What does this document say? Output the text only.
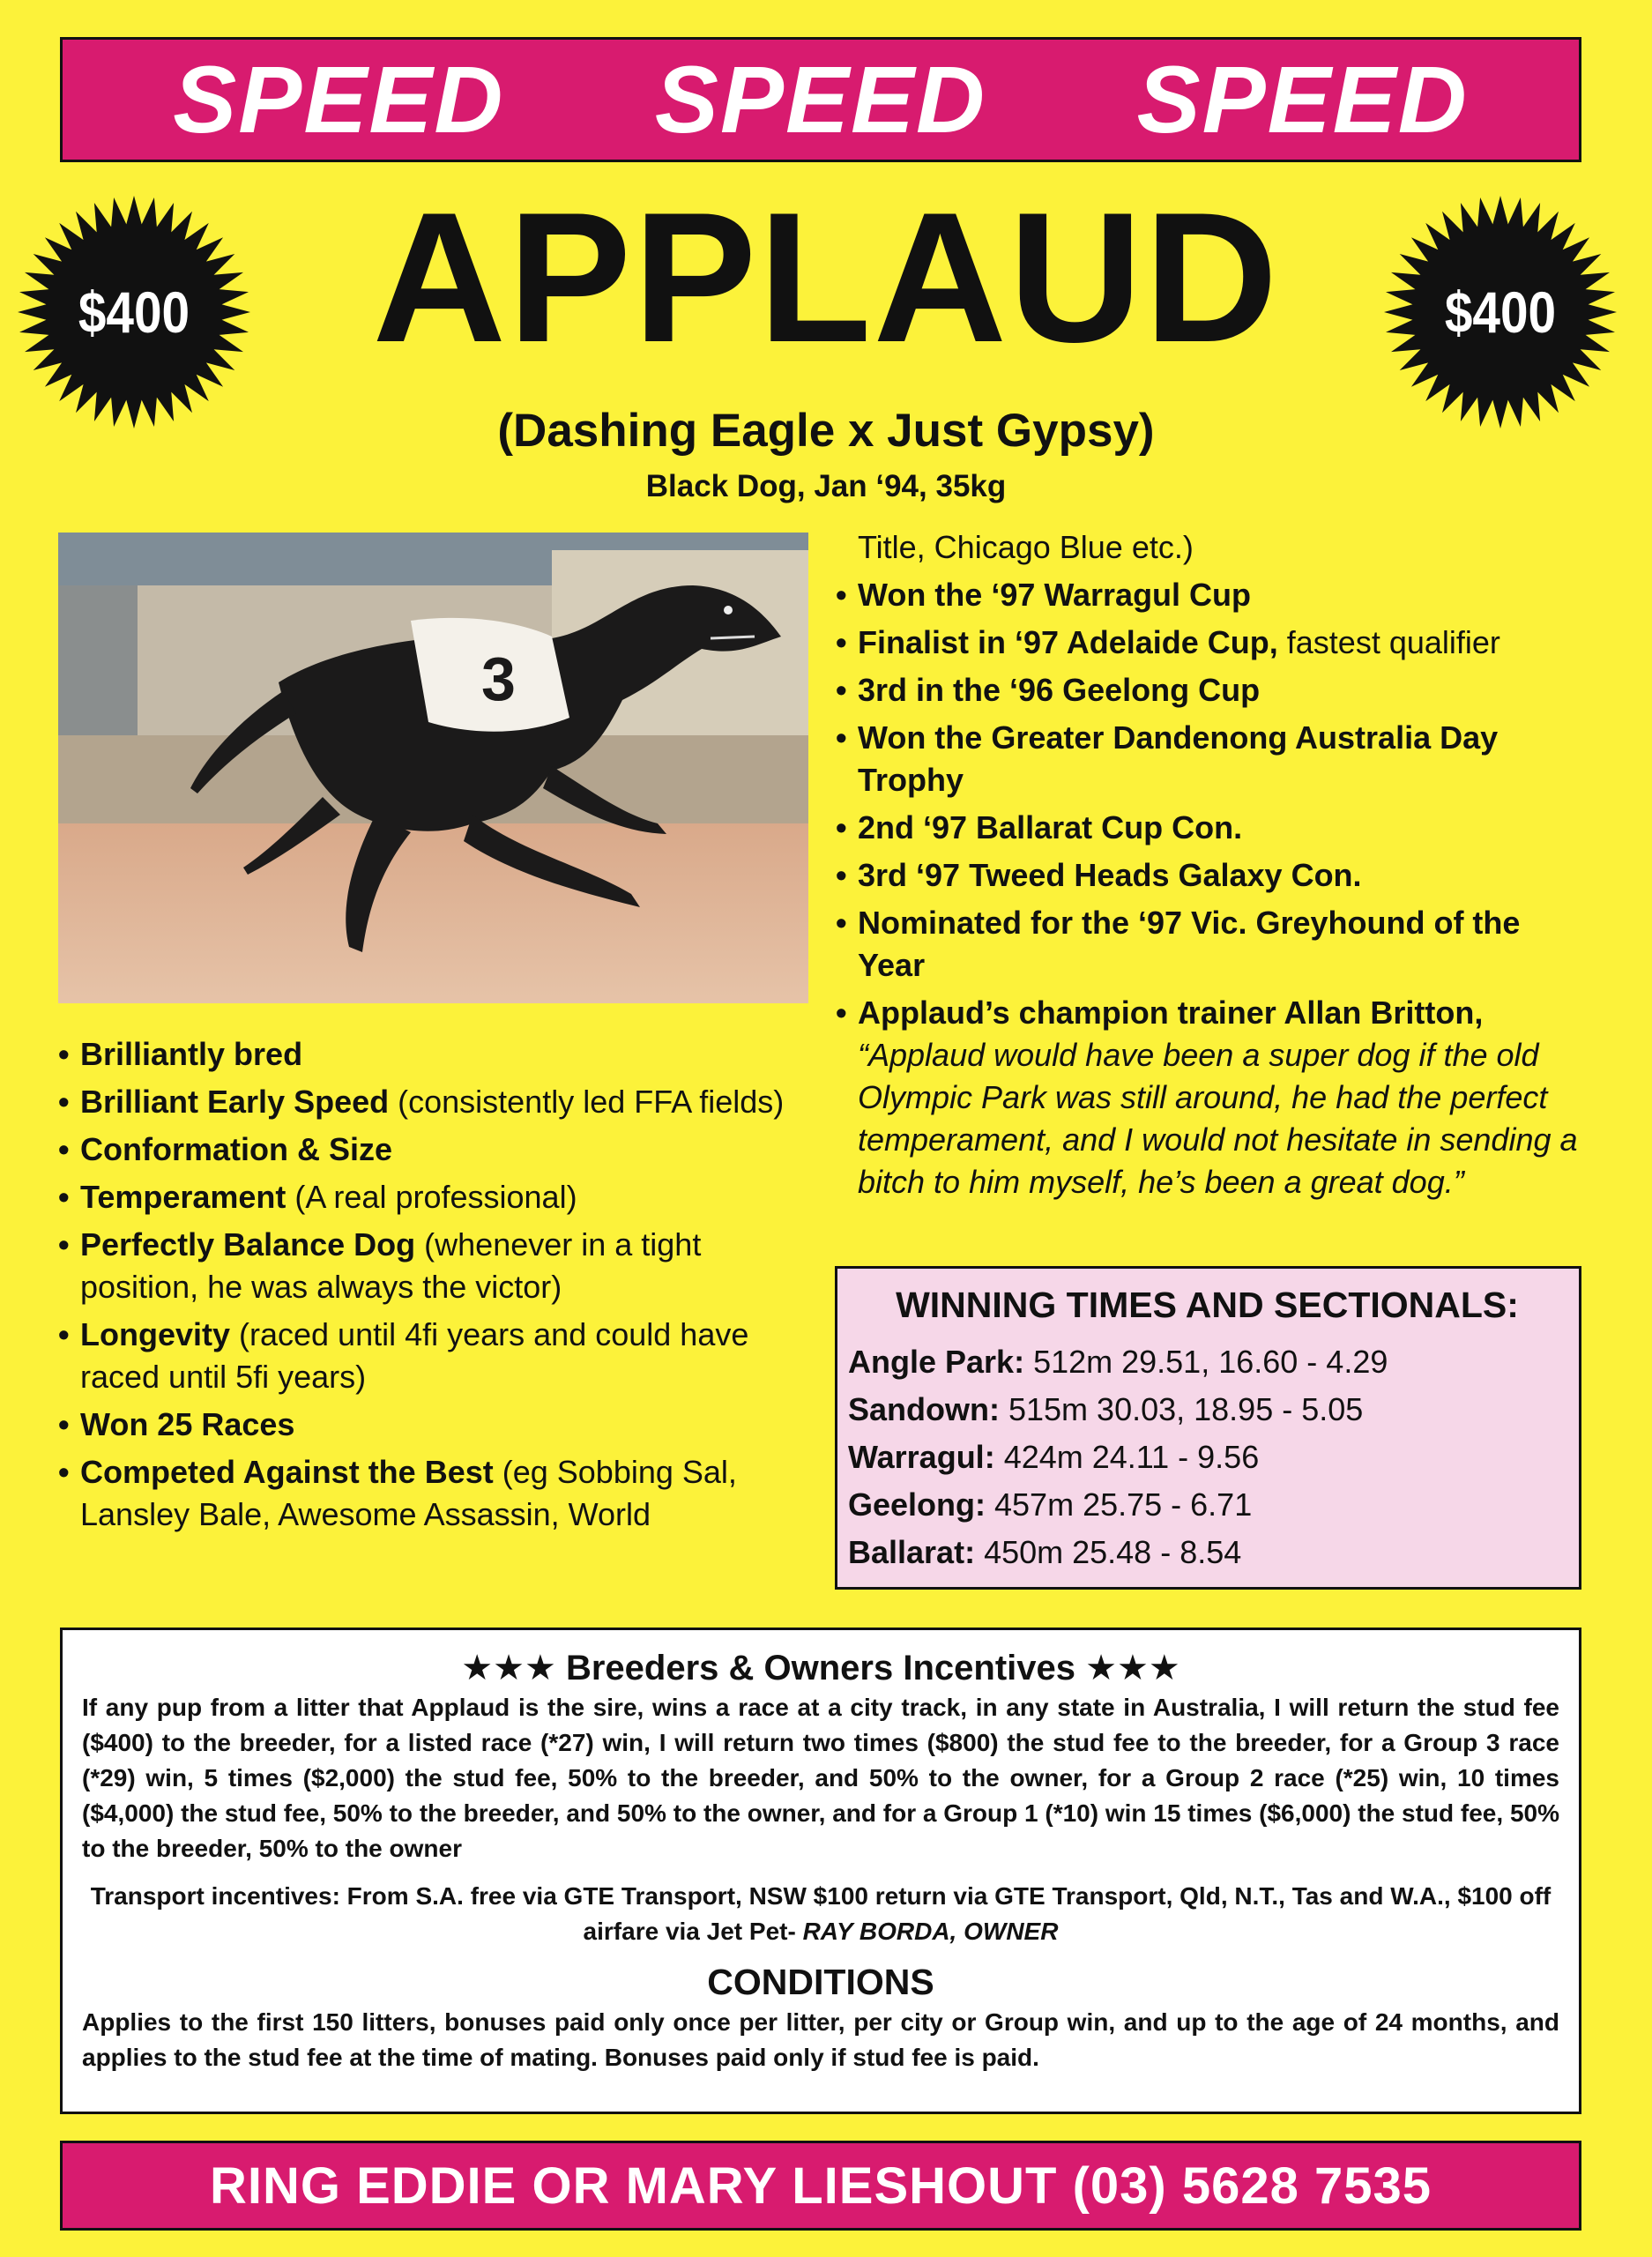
SPEED SPEED SPEED
$400	$400
APPLAUD
(Dashing Eagle x Just Gypsy)
Black Dog, Jan ‘94, 35kg
3
• Brilliantly bred
• Brilliant Early Speed (consistently led FFA fields)
• Conformation & Size
• Temperament (A real professional)
• Perfectly Balance Dog (whenever in a tight position, he was always the victor)
• Longevity (raced until 4fi years and could have raced until 5fi years)
• Won 25 Races
• Competed Against the Best (eg Sobbing Sal, Lansley Bale, Awesome Assassin, World
Title, Chicago Blue etc.)
• Won the ‘97 Warragul Cup
• Finalist in ‘97 Adelaide Cup, fastest qualifier
• 3rd in the ‘96 Geelong Cup
• Won the Greater Dandenong Australia Day Trophy
• 2nd ‘97 Ballarat Cup Con.
• 3rd ‘97 Tweed Heads Galaxy Con.
• Nominated for the ‘97 Vic. Greyhound of the Year
• Applaud’s champion trainer Allan Britton,
“Applaud would have been a super dog if the old Olympic Park was still around, he had the perfect temperament, and I would not hesitate in sending a bitch to him myself, he’s been a great dog.”
WINNING TIMES AND SECTIONALS:
Angle Park: 512m 29.51, 16.60 - 4.29
Sandown: 515m 30.03, 18.95 - 5.05
Warragul: 424m 24.11 - 9.56
Geelong: 457m 25.75 - 6.71
Ballarat: 450m 25.48 - 8.54
★★★ Breeders & Owners Incentives ★★★
If any pup from a litter that Applaud is the sire, wins a race at a city track, in any state in Australia, I will return the stud fee ($400) to the breeder, for a listed race (*27) win, I will return two times ($800) the stud fee to the breeder, for a Group 3 race (*29) win, 5 times ($2,000) the stud fee, 50% to the breeder, and 50% to the owner, for a Group 2 race (*25) win, 10 times ($4,000) the stud fee, 50% to the breeder, and 50% to the owner, and for a Group 1 (*10) win 15 times ($6,000) the stud fee, 50% to the breeder, 50% to the owner
Transport incentives: From S.A. free via GTE Transport, NSW $100 return via GTE Transport, Qld, N.T., Tas and W.A., $100 off airfare via Jet Pet- RAY BORDA, OWNER
CONDITIONS
Applies to the first 150 litters, bonuses paid only once per litter, per city or Group win, and up to the age of 24 months, and applies to the stud fee at the time of mating. Bonuses paid only if stud fee is paid.
RING EDDIE OR MARY LIESHOUT (03) 5628 7535
